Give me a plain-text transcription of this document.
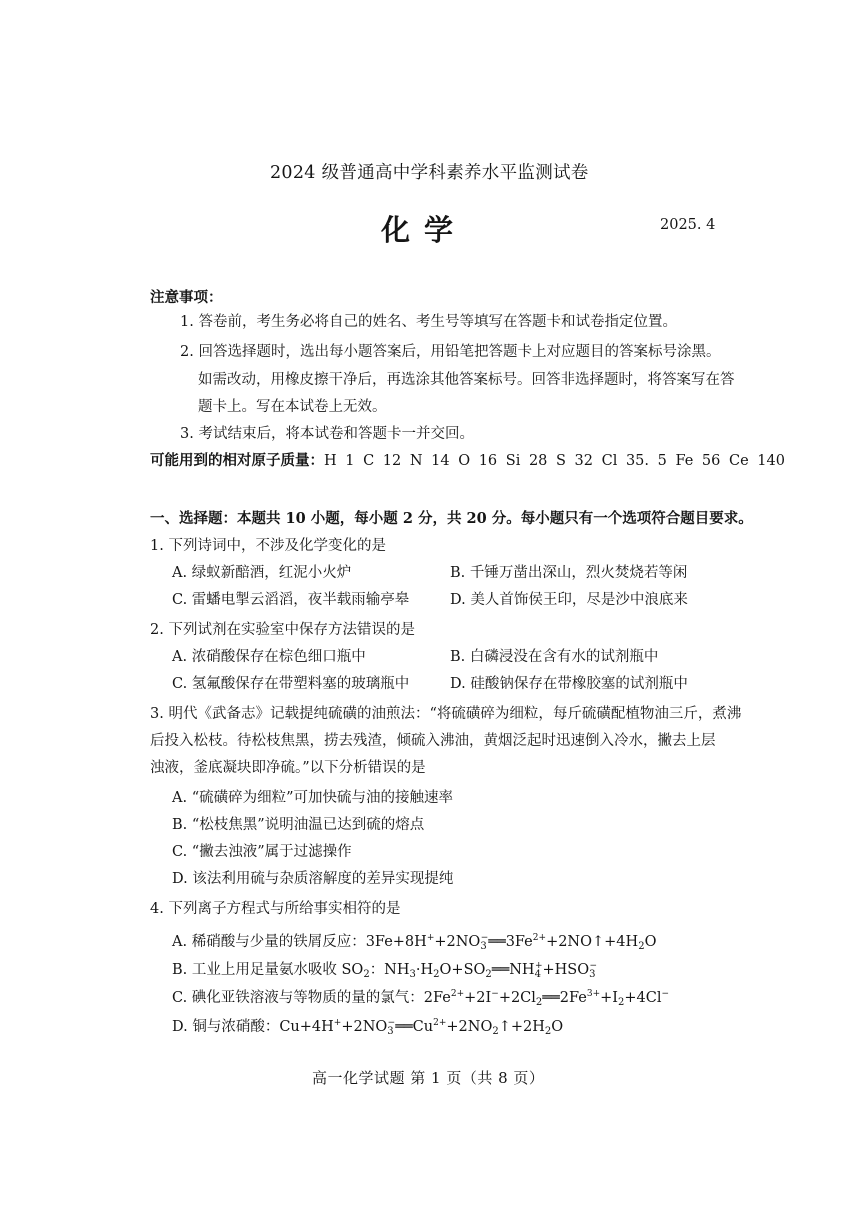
2024 级普通高中学科素养水平监测试卷
化学	2025. 4
注意事项：
1. 答卷前，考生务必将自己的姓名、考生号等填写在答题卡和试卷指定位置。
2. 回答选择题时，选出每小题答案后，用铅笔把答题卡上对应题目的答案标号涂黑。
如需改动，用橡皮擦干净后，再选涂其他答案标号。回答非选择题时，将答案写在答
题卡上。写在本试卷上无效。
3. 考试结束后，将本试卷和答题卡一并交回。
可能用到的相对原子质量：H 1 C 12 N 14 O 16 Si 28 S 32 Cl 35. 5 Fe 56 Ce 140
一、选择题：本题共 10 小题，每小题 2 分，共 20 分。每小题只有一个选项符合题目要求。
1. 下列诗词中，不涉及化学变化的是
A. 绿蚁新醅酒，红泥小火炉	B. 千锤万凿出深山，烈火焚烧若等闲
C. 雷蟠电掣云滔滔，夜半载雨输亭皋	D. 美人首饰侯王印，尽是沙中浪底来
2. 下列试剂在实验室中保存方法错误的是
A. 浓硝酸保存在棕色细口瓶中	B. 白磷浸没在含有水的试剂瓶中
C. 氢氟酸保存在带塑料塞的玻璃瓶中	D. 硅酸钠保存在带橡胶塞的试剂瓶中
3. 明代《武备志》记载提纯硫磺的油煎法：“将硫磺碎为细粒，每斤硫磺配植物油三斤，煮沸
后投入松枝。待松枝焦黑，捞去残渣，倾硫入沸油，黄烟泛起时迅速倒入冷水，撇去上层
浊液，釜底凝块即净硫。”以下分析错误的是
A. “硫磺碎为细粒”可加快硫与油的接触速率
B. “松枝焦黑”说明油温已达到硫的熔点
C. “撇去浊液”属于过滤操作
D. 该法利用硫与杂质溶解度的差异实现提纯
4. 下列离子方程式与所给事实相符的是
A. 稀硝酸与少量的铁屑反应：$3Fe+8H^++2NO_3^-══3Fe^{2+}+2NO↑+4H_2O$
B. 工业上用足量氨水吸收 $SO_2$：$NH_3\cdot H_2O+SO_2══NH_4^++HSO_3^-$
C. 碘化亚铁溶液与等物质的量的氯气：$2Fe^{2+}+2I^-+2Cl_2══2Fe^{3+}+I_2+4Cl^-$
D. 铜与浓硝酸：$Cu+4H^++2NO_3^-══Cu^{2+}+2NO_2↑+2H_2O$
高一化学试题 第 1 页（共 8 页）
